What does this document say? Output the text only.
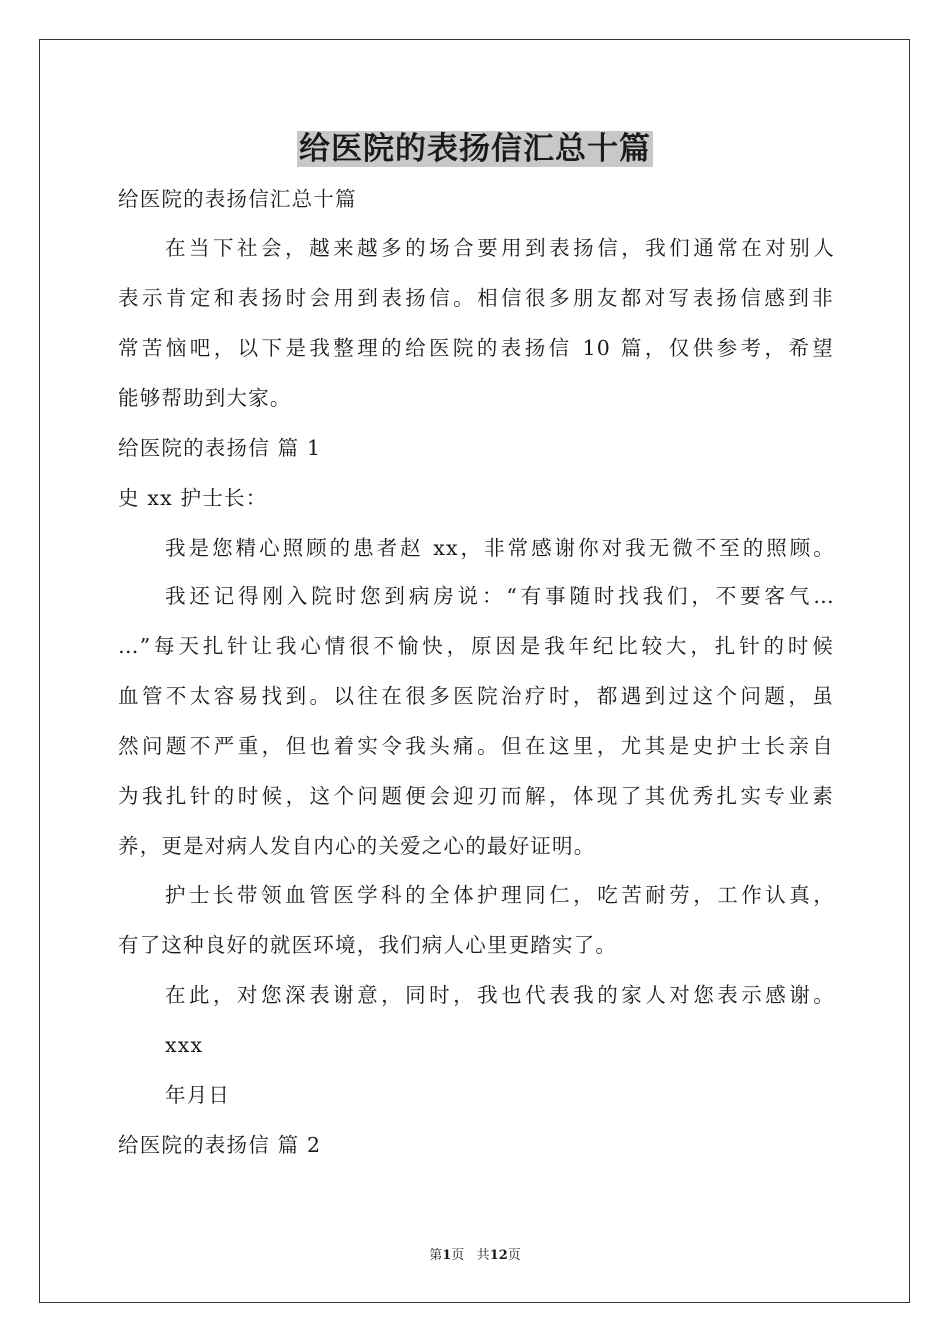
给医院的表扬信汇总十篇
给医院的表扬信汇总十篇
在当下社会，越来越多的场合要用到表扬信，我们通常在对别人
表示肯定和表扬时会用到表扬信。相信很多朋友都对写表扬信感到非
常苦恼吧，以下是我整理的给医院的表扬信 10 篇，仅供参考，希望
能够帮助到大家。
给医院的表扬信 篇 1
史 xx 护士长：
我是您精心照顾的患者赵 xx，非常感谢你对我无微不至的照顾。
我还记得刚入院时您到病房说：“有事随时找我们，不要客气…
…”每天扎针让我心情很不愉快，原因是我年纪比较大，扎针的时候
血管不太容易找到。以往在很多医院治疗时，都遇到过这个问题，虽
然问题不严重，但也着实令我头痛。但在这里，尤其是史护士长亲自
为我扎针的时候，这个问题便会迎刃而解，体现了其优秀扎实专业素
养，更是对病人发自内心的关爱之心的最好证明。
护士长带领血管医学科的全体护理同仁，吃苦耐劳，工作认真，
有了这种良好的就医环境，我们病人心里更踏实了。
在此，对您深表谢意，同时，我也代表我的家人对您表示感谢。
xxx
年月日
给医院的表扬信 篇 2
第1页 共12页
